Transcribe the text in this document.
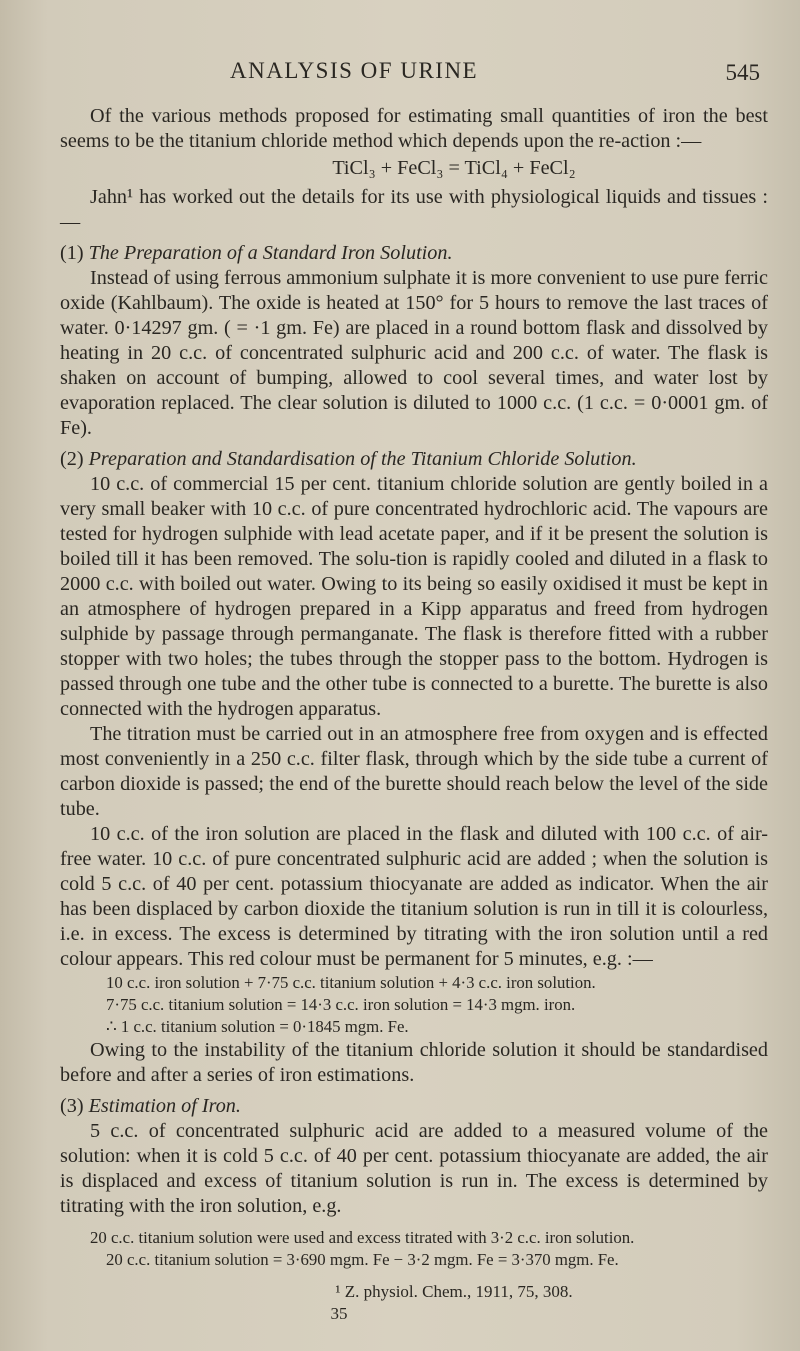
ANALYSIS OF URINE	545

Of the various methods proposed for estimating small quantities of iron the best seems to be the titanium chloride method which depends upon the re-action :—

TiCl₃ + FeCl₃ = TiCl₄ + FeCl₂

Jahn¹ has worked out the details for its use with physiological liquids and tissues :—

(1) The Preparation of a Standard Iron Solution.

Instead of using ferrous ammonium sulphate it is more convenient to use pure ferric oxide (Kahlbaum). The oxide is heated at 150° for 5 hours to remove the last traces of water. 0·14297 gm. ( = ·1 gm. Fe) are placed in a round bottom flask and dissolved by heating in 20 c.c. of concentrated sulphuric acid and 200 c.c. of water. The flask is shaken on account of bumping, allowed to cool several times, and water lost by evaporation replaced. The clear solution is diluted to 1000 c.c. (1 c.c. = 0·0001 gm. of Fe).

(2) Preparation and Standardisation of the Titanium Chloride Solution.

10 c.c. of commercial 15 per cent. titanium chloride solution are gently boiled in a very small beaker with 10 c.c. of pure concentrated hydrochloric acid. The vapours are tested for hydrogen sulphide with lead acetate paper, and if it be present the solution is boiled till it has been removed. The solu-tion is rapidly cooled and diluted in a flask to 2000 c.c. with boiled out water. Owing to its being so easily oxidised it must be kept in an atmosphere of hydrogen prepared in a Kipp apparatus and freed from hydrogen sulphide by passage through permanganate. The flask is therefore fitted with a rubber stopper with two holes; the tubes through the stopper pass to the bottom. Hydrogen is passed through one tube and the other tube is connected to a burette. The burette is also connected with the hydrogen apparatus.

The titration must be carried out in an atmosphere free from oxygen and is effected most conveniently in a 250 c.c. filter flask, through which by the side tube a current of carbon dioxide is passed; the end of the burette should reach below the level of the side tube.

10 c.c. of the iron solution are placed in the flask and diluted with 100 c.c. of air-free water. 10 c.c. of pure concentrated sulphuric acid are added ; when the solution is cold 5 c.c. of 40 per cent. potassium thiocyanate are added as indicator. When the air has been displaced by carbon dioxide the titanium solution is run in till it is colourless, i.e. in excess. The excess is determined by titrating with the iron solution until a red colour appears. This red colour must be permanent for 5 minutes, e.g. :—

10 c.c. iron solution + 7·75 c.c. titanium solution + 4·3 c.c. iron solution.

7·75 c.c. titanium solution = 14·3 c.c. iron solution = 14·3 mgm. iron.

∴ 1 c.c. titanium solution = 0·1845 mgm. Fe.

Owing to the instability of the titanium chloride solution it should be standardised before and after a series of iron estimations.

(3) Estimation of Iron.

5 c.c. of concentrated sulphuric acid are added to a measured volume of the solution: when it is cold 5 c.c. of 40 per cent. potassium thiocyanate are added, the air is displaced and excess of titanium solution is run in. The excess is determined by titrating with the iron solution, e.g.

20 c.c. titanium solution were used and excess titrated with 3·2 c.c. iron solution.

20 c.c. titanium solution = 3·690 mgm. Fe − 3·2 mgm. Fe = 3·370 mgm. Fe.

¹ Z. physiol. Chem., 1911, 75, 308.
35
